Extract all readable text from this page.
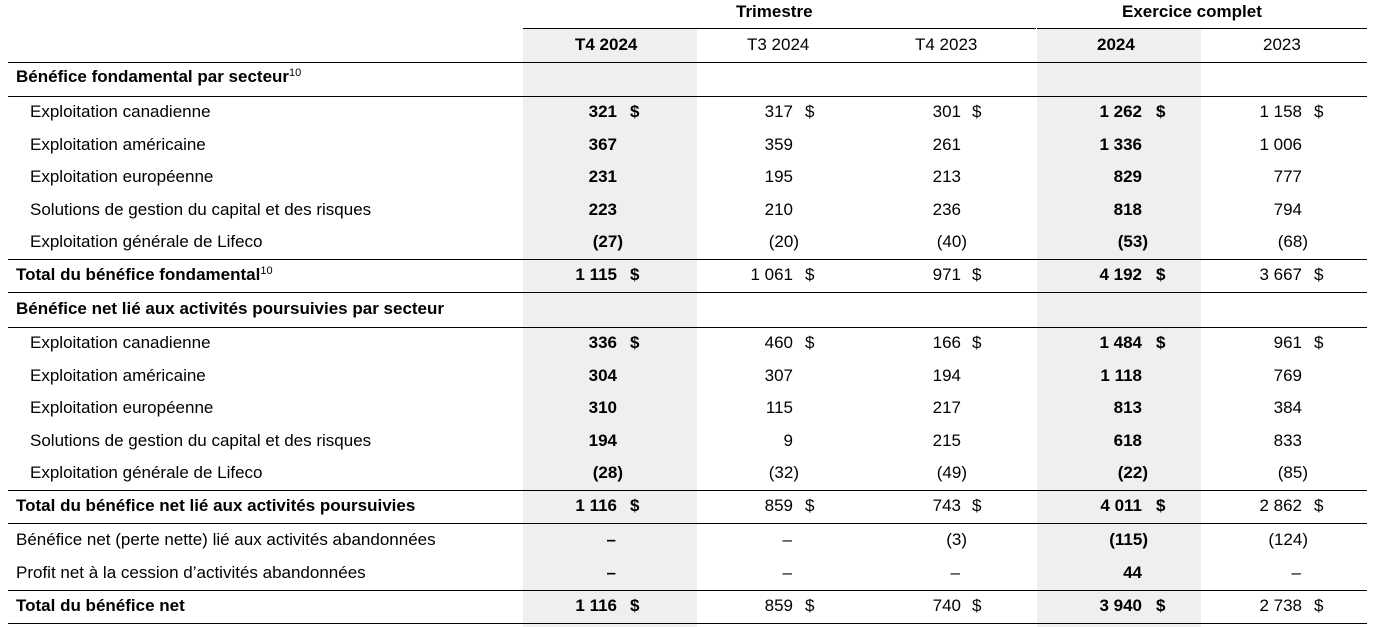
Trimestre	Exercice complet
T4 2024	T3 2024	T4 2023	2024	2023
Bénéfice fondamental par secteur$^{10}$
Exploitation canadienne	321 $	317 $	301 $	1 262 $	1 158 $
Exploitation américaine	367	359	261	1 336	1 006
Exploitation européenne	231	195	213	829	777
Solutions de gestion du capital et des risques	223	210	236	818	794
Exploitation générale de Lifeco	(27)	(20)	(40)	(53)	(68)
Total du bénéfice fondamental$^{10}$	1 115 $	1 061 $	971 $	4 192 $	3 667 $
Bénéfice net lié aux activités poursuivies par secteur
Exploitation canadienne	336 $	460 $	166 $	1 484 $	961 $
Exploitation américaine	304	307	194	1 118	769
Exploitation européenne	310	115	217	813	384
Solutions de gestion du capital et des risques	194	9	215	618	833
Exploitation générale de Lifeco	(28)	(32)	(49)	(22)	(85)
Total du bénéfice net lié aux activités poursuivies	1 116 $	859 $	743 $	4 011 $	2 862 $
Bénéfice net (perte nette) lié aux activités abandonnées	–	–	(3)	(115)	(124)
Profit net à la cession d’activités abandonnées	–	–	–	44	–
Total du bénéfice net	1 116 $	859 $	740 $	3 940 $	2 738 $
